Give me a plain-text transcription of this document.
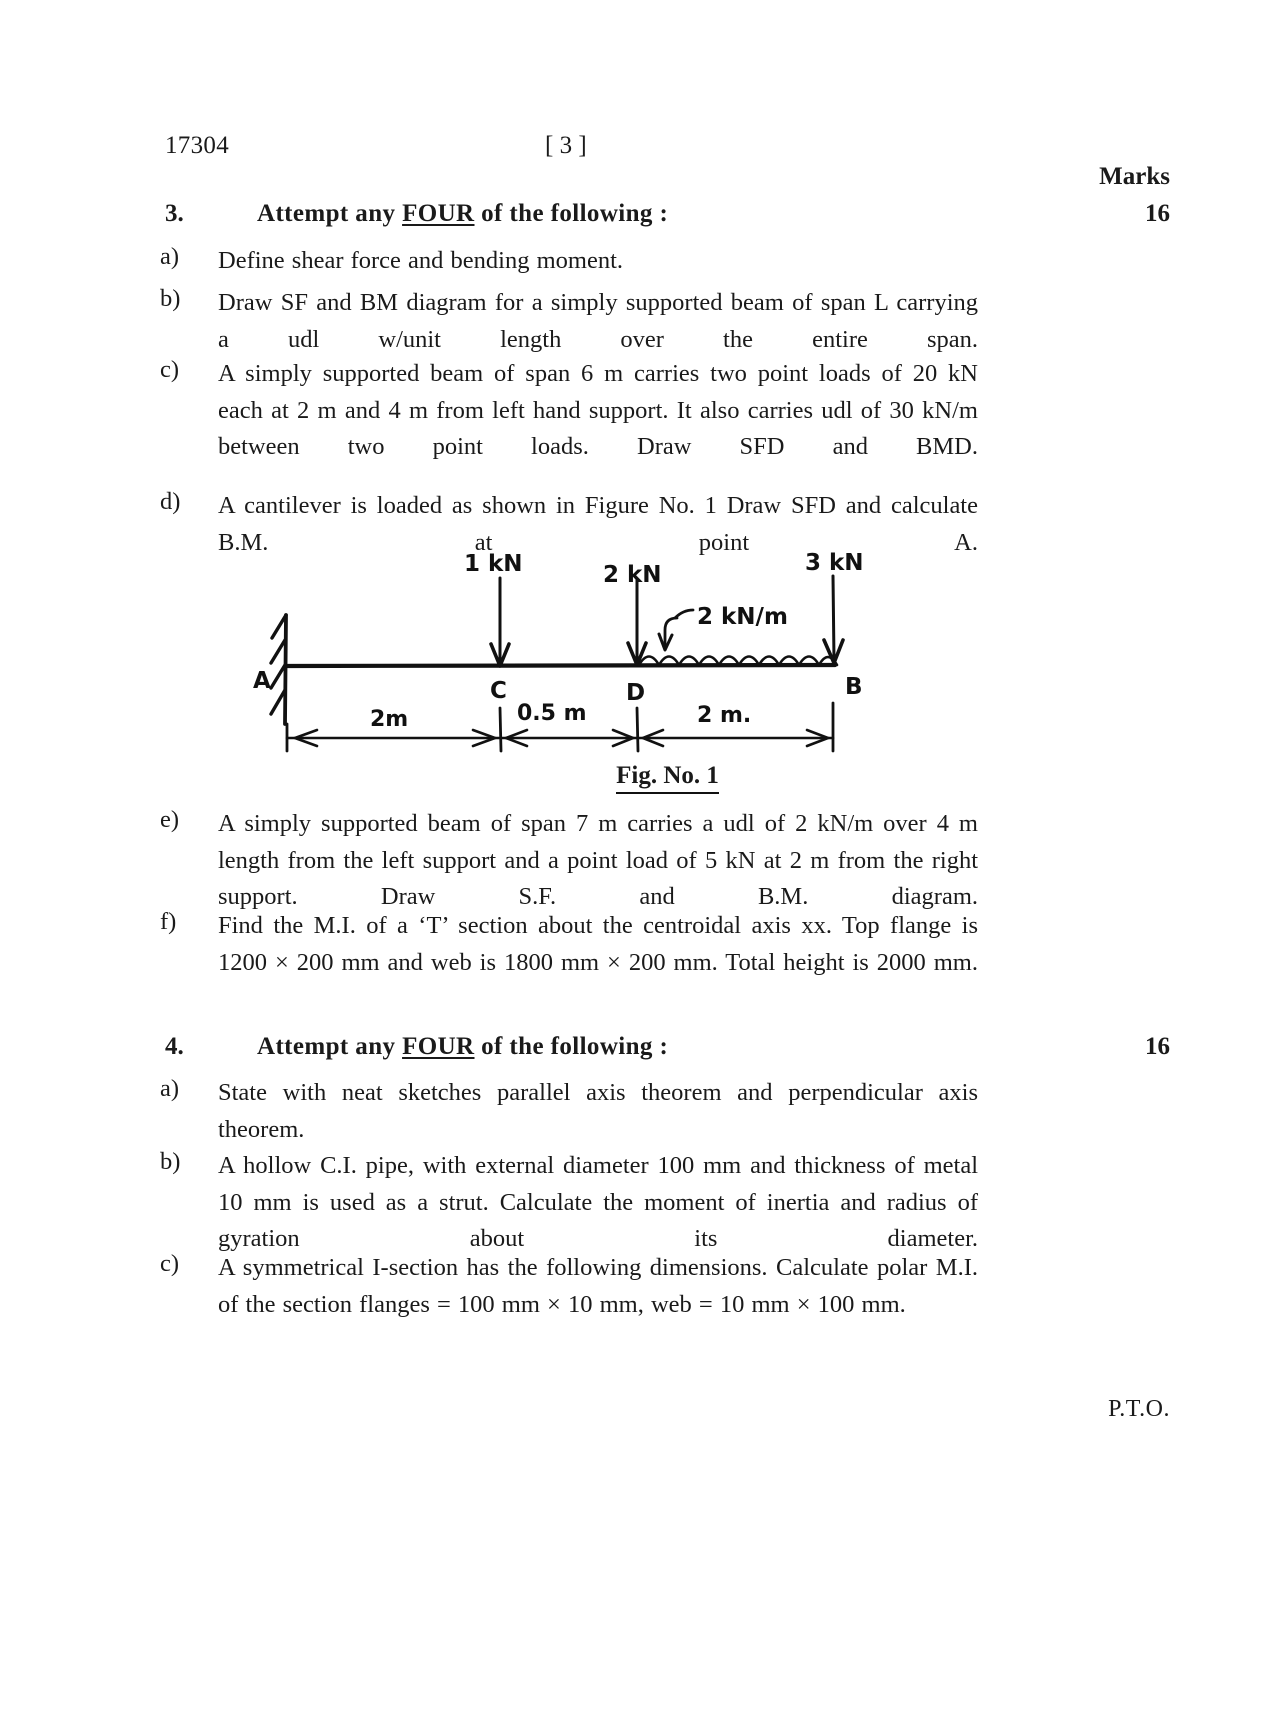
17304	[ 3 ]
Marks
3.	Attempt any FOUR of the following :	16
a) Define shear force and bending moment.
b) Draw SF and BM diagram for a simply supported beam of span L carrying a udl w/unit length over the entire span.
c) A simply supported beam of span 6 m carries two point loads of 20 kN each at 2 m and 4 m from left hand support. It also carries udl of 30 kN/m between two point loads. Draw SFD and BMD.
d) A cantilever is loaded as shown in Figure No. 1 Draw SFD and calculate B.M. at point A.
1 kN	2 kN	3 kN
2 kN/m
A	C	D	B
2m	0.5 m	2 m.
Fig. No. 1
e) A simply supported beam of span 7 m carries a udl of 2 kN/m over 4 m length from the left support and a point load of 5 kN at 2 m from the right support. Draw S.F. and B.M. diagram.
f) Find the M.I. of a ‘T’ section about the centroidal axis xx. Top flange is 1200 × 200 mm and web is 1800 mm × 200 mm. Total height is 2000 mm.
4.	Attempt any FOUR of the following :	16
a) State with neat sketches parallel axis theorem and perpendicular axis theorem.
b) A hollow C.I. pipe, with external diameter 100 mm and thickness of metal 10 mm is used as a strut. Calculate the moment of inertia and radius of gyration about its diameter.
c) A symmetrical I-section has the following dimensions. Calculate polar M.I. of the section flanges = 100 mm × 10 mm, web = 10 mm × 100 mm.
P.T.O.
